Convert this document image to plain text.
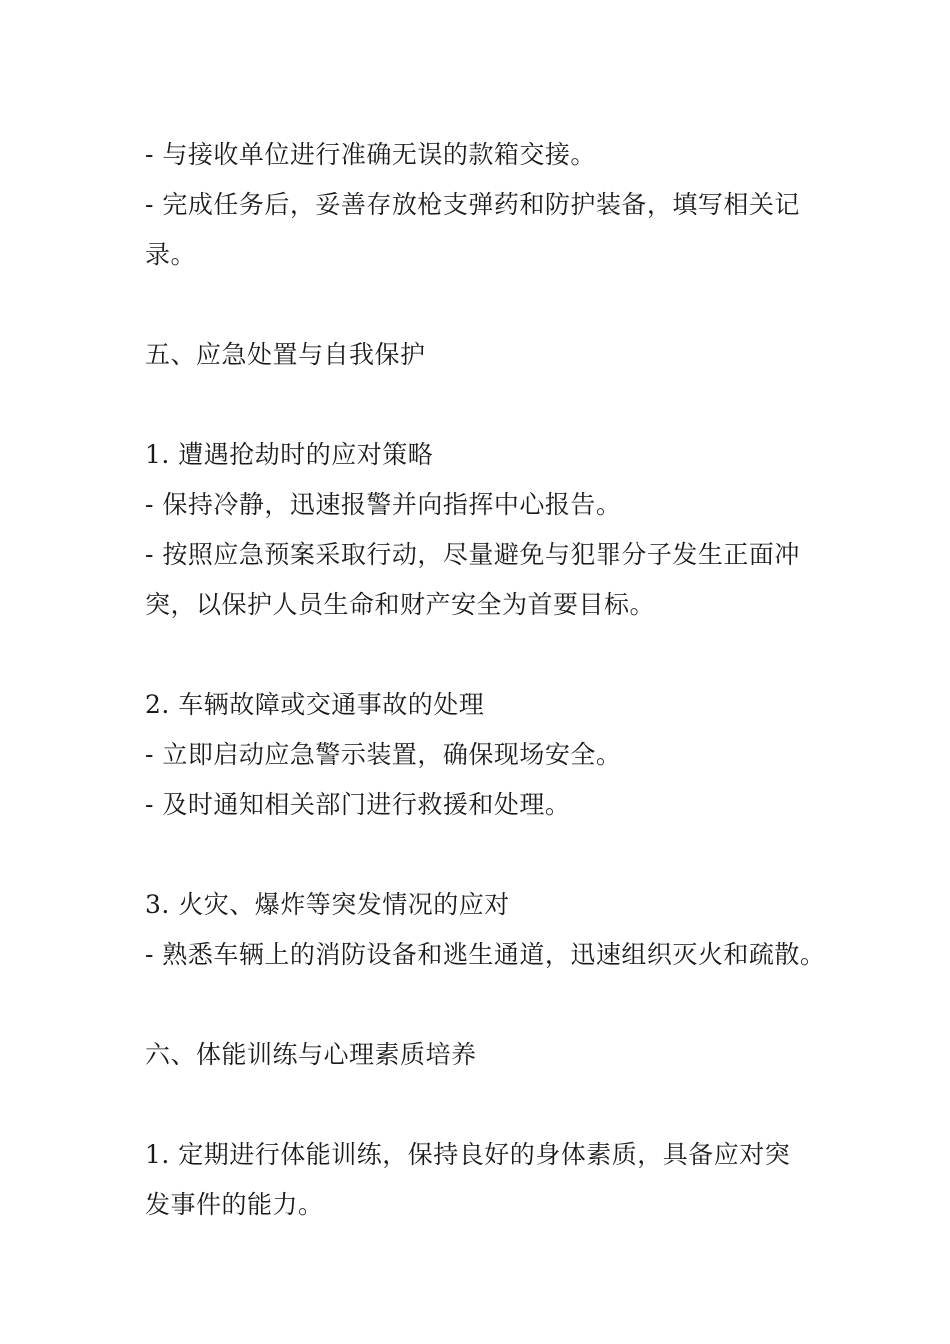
- 与接收单位进行准确无误的款箱交接。
- 完成任务后，妥善存放枪支弹药和防护装备，填写相关记
录。
五、应急处置与自我保护
1. 遭遇抢劫时的应对策略
- 保持冷静，迅速报警并向指挥中心报告。
- 按照应急预案采取行动，尽量避免与犯罪分子发生正面冲
突，以保护人员生命和财产安全为首要目标。
2. 车辆故障或交通事故的处理
- 立即启动应急警示装置，确保现场安全。
- 及时通知相关部门进行救援和处理。
3. 火灾、爆炸等突发情况的应对
- 熟悉车辆上的消防设备和逃生通道，迅速组织灭火和疏散。
六、体能训练与心理素质培养
1. 定期进行体能训练，保持良好的身体素质，具备应对突
发事件的能力。
